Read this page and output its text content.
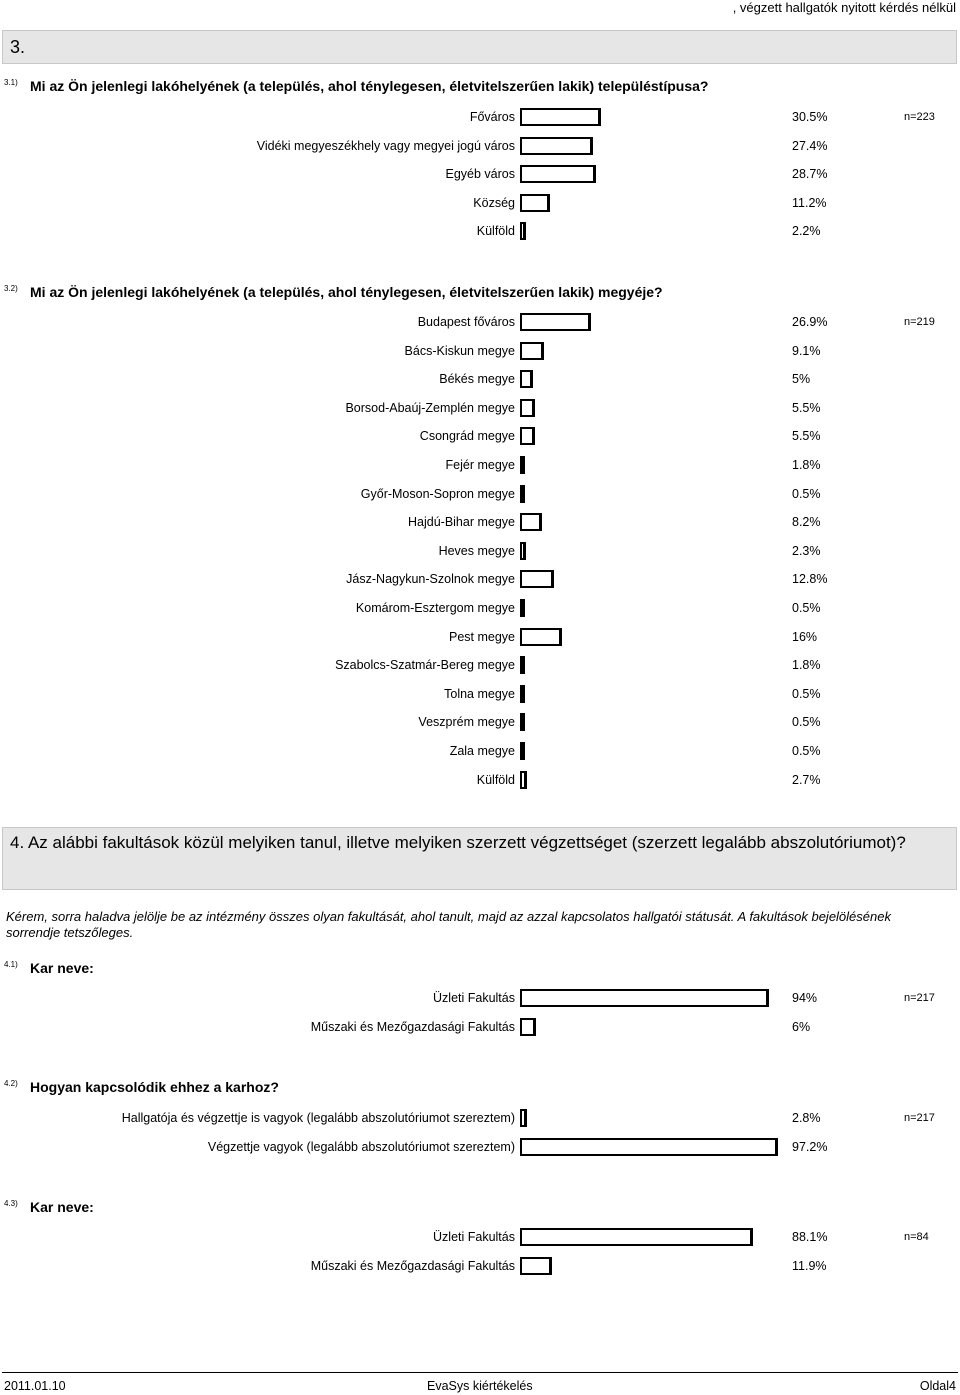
, végzett hallgatók nyitott kérdés nélkül
3.
3.1) Mi az Ön jelenlegi lakóhelyének (a település, ahol ténylegesen, életvitelszerűen lakik) településtípusa?
n=223
3.2) Mi az Ön jelenlegi lakóhelyének (a település, ahol ténylegesen, életvitelszerűen lakik) megyéje?
n=219
4. Az alábbi fakultások közül melyiken tanul, illetve melyiken szerzett végzettséget (szerzett legalább abszolutóriumot)?
Kérem, sorra haladva jelölje be az intézmény összes olyan fakultását, ahol tanult, majd az azzal kapcsolatos hallgatói státusát. A fakultások bejelölésének sorrendje tetszőleges.
4.1) Kar neve:
n=217
4.2) Hogyan kapcsolódik ehhez a karhoz?
n=217
4.3) Kar neve:
n=84
2011.01.10	EvaSys kiértékelés	Oldal4
Főváros	30.5%
Vidéki megyeszékhely vagy megyei jogú város	27.4%
Egyéb város	28.7%
Község	11.2%
Külföld	2.2%
Budapest főváros	26.9%
Bács-Kiskun megye	9.1%
Békés megye	5%
Borsod-Abaúj-Zemplén megye	5.5%
Csongrád megye	5.5%
Fejér megye	1.8%
Győr-Moson-Sopron megye	0.5%
Hajdú-Bihar megye	8.2%
Heves megye	2.3%
Jász-Nagykun-Szolnok megye	12.8%
Komárom-Esztergom megye	0.5%
Pest megye	16%
Szabolcs-Szatmár-Bereg megye	1.8%
Tolna megye	0.5%
Veszprém megye	0.5%
Zala megye	0.5%
Külföld	2.7%
Üzleti Fakultás	94%
Műszaki és Mezőgazdasági Fakultás	6%
Hallgatója és végzettje is vagyok (legalább abszolutóriumot szereztem)	2.8%
Végzettje vagyok (legalább abszolutóriumot szereztem)	97.2%
Üzleti Fakultás	88.1%
Műszaki és Mezőgazdasági Fakultás	11.9%
